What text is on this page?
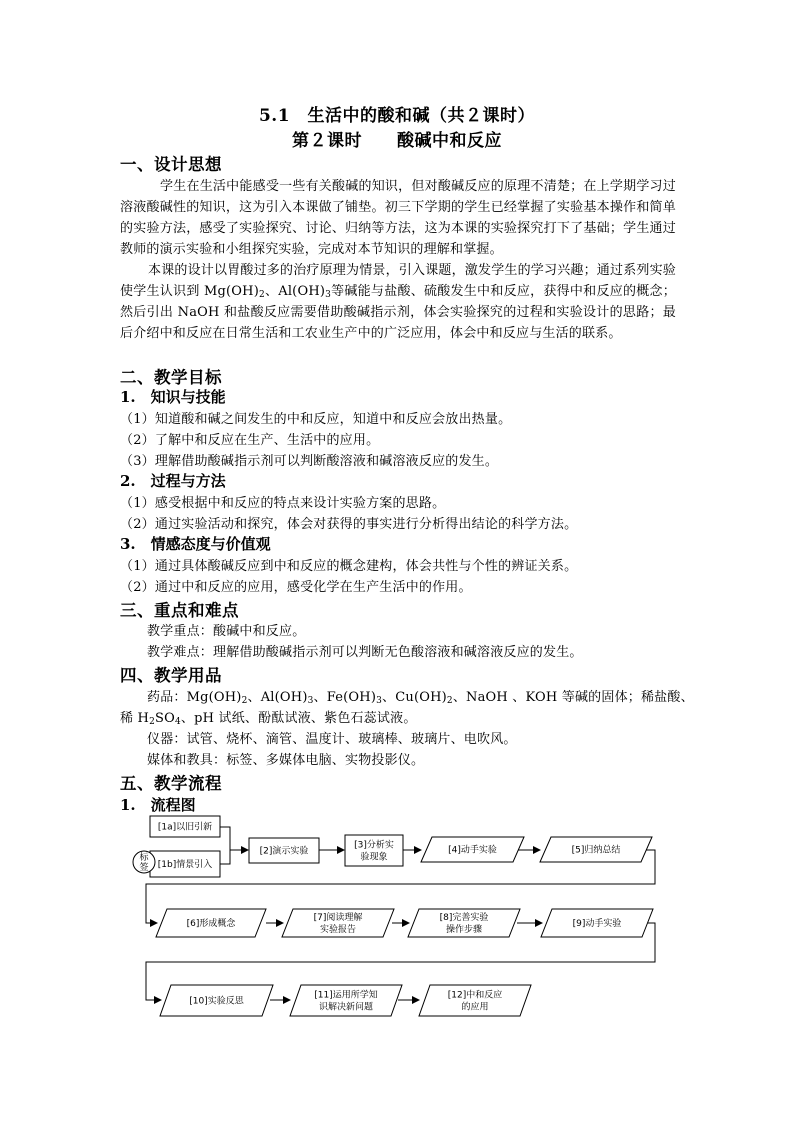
5.1　生活中的酸和碱（共２课时）
第２课时　　酸碱中和反应
一、设计思想
学生在生活中能感受一些有关酸碱的知识，但对酸碱反应的原理不清楚；在上学期学习过溶液酸碱性的知识，这为引入本课做了铺垫。初三下学期的学生已经掌握了实验基本操作和简单的实验方法，感受了实验探究、讨论、归纳等方法，这为本课的实验探究打下了基础；学生通过教师的演示实验和小组探究实验，完成对本节知识的理解和掌握。
本课的设计以胃酸过多的治疗原理为情景，引入课题，激发学生的学习兴趣；通过系列实验使学生认识到 $Mg(OH)_2$、$Al(OH)_3$等碱能与盐酸、硫酸发生中和反应，获得中和反应的概念；然后引出 NaOH 和盐酸反应需要借助酸碱指示剂，体会实验探究的过程和实验设计的思路；最后介绍中和反应在日常生活和工农业生产中的广泛应用，体会中和反应与生活的联系。
二、教学目标
1.　知识与技能
（1）知道酸和碱之间发生的中和反应，知道中和反应会放出热量。
（2）了解中和反应在生产、生活中的应用。
（3）理解借助酸碱指示剂可以判断酸溶液和碱溶液反应的发生。
2.　过程与方法
（1）感受根据中和反应的特点来设计实验方案的思路。
（2）通过实验活动和探究，体会对获得的事实进行分析得出结论的科学方法。
3.　情感态度与价值观
（1）通过具体酸碱反应到中和反应的概念建构，体会共性与个性的辨证关系。
（2）通过中和反应的应用，感受化学在生产生活中的作用。
三、重点和难点
教学重点：酸碱中和反应。
教学难点：理解借助酸碱指示剂可以判断无色酸溶液和碱溶液反应的发生。
四、教学用品
药品：$Mg(OH)_2$、$Al(OH)_3$、$Fe(OH)_3$、$Cu(OH)_2$、NaOH 、KOH 等碱的固体；稀盐酸、
稀 $H_2SO_4$、pH 试纸、酚酞试液、紫色石蕊试液。
仪器：试管、烧杯、滴管、温度计、玻璃棒、玻璃片、电吹风。
媒体和教具：标签、多媒体电脑、实物投影仪。
五、教学流程
1.　流程图
[2]演示实验
[3]分析实
验现象
[4]动手实验	[5]归纳总结
[6]形成概念
[7]阅读理解
实验报告
[8]完善实验
操作步骤
[9]动手实验
[10]实验反思
[11]运用所学知
识解决新问题
[12]中和反应
的应用
[1a]以旧引新
[1b]情景引入
标
签
